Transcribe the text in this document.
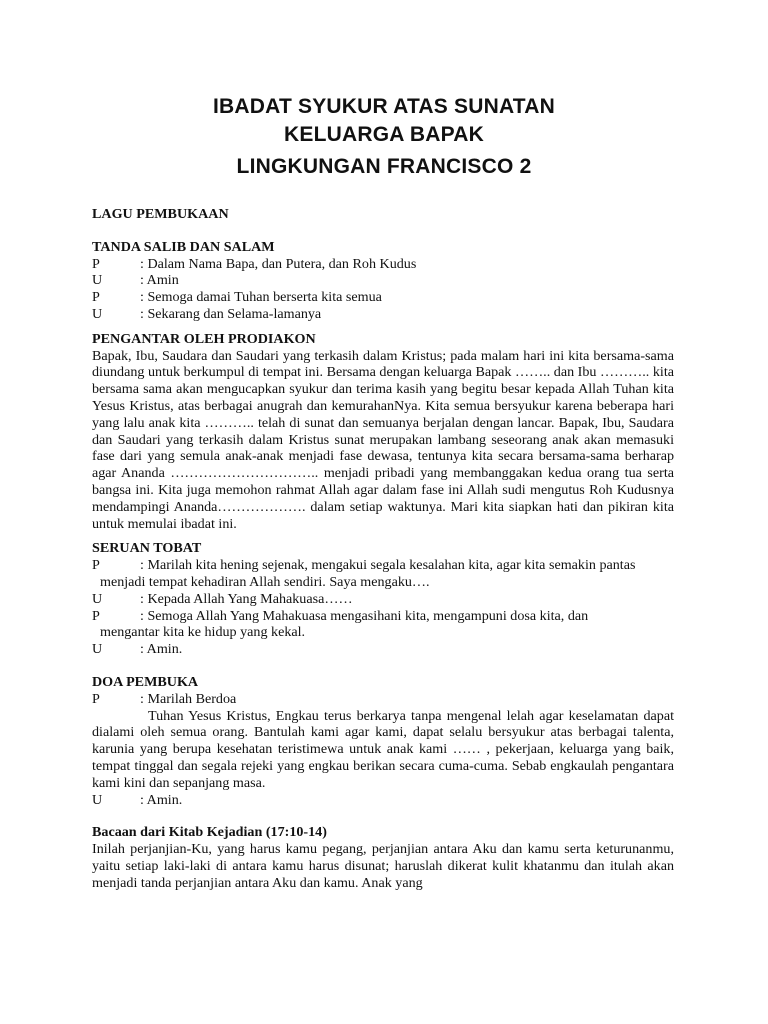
IBADAT SYUKUR ATAS SUNATAN
KELUARGA BAPAK
LINGKUNGAN FRANCISCO 2

LAGU PEMBUKAAN

TANDA SALIB DAN SALAM

P	: Dalam Nama Bapa, dan Putera, dan Roh Kudus
U	: Amin
P	: Semoga damai Tuhan berserta kita semua
U	: Sekarang dan Selama-lamanya

PENGANTAR OLEH PRODIAKON

Bapak, Ibu, Saudara dan Saudari yang terkasih dalam Kristus; pada malam hari ini kita bersama-sama diundang untuk berkumpul di tempat ini. Bersama dengan keluarga Bapak …….. dan Ibu ……….. kita bersama sama akan mengucapkan syukur dan terima kasih yang begitu besar kepada Allah Tuhan kita Yesus Kristus, atas berbagai anugrah dan kemurahanNya. Kita semua bersyukur karena beberapa hari yang lalu anak kita ……….. telah di sunat dan semuanya berjalan dengan lancar. Bapak, Ibu, Saudara dan Saudari yang terkasih dalam Kristus sunat merupakan lambang seseorang anak akan memasuki fase dari yang semula anak-anak menjadi fase dewasa, tentunya kita secara bersama-sama berharap agar Ananda ………………………….. menjadi pribadi yang membanggakan kedua orang tua serta bangsa ini. Kita juga memohon rahmat Allah agar dalam fase ini Allah sudi mengutus Roh Kudusnya mendampingi Ananda………………. dalam setiap waktunya. Mari kita siapkan hati dan pikiran kita untuk memulai ibadat ini.

SERUAN TOBAT

P	: Marilah kita hening sejenak, mengakui segala kesalahan kita, agar kita semakin pantas

menjadi tempat kehadiran Allah sendiri. Saya mengaku….

U	: Kepada Allah Yang Mahakuasa……
P	: Semoga Allah Yang Mahakuasa mengasihani kita, mengampuni dosa kita, dan

mengantar kita ke hidup yang kekal.

U	: Amin.

DOA PEMBUKA

P	: Marilah Berdoa

Tuhan Yesus Kristus, Engkau terus berkarya tanpa mengenal lelah agar keselamatan dapat dialami oleh semua orang. Bantulah kami agar kami, dapat selalu bersyukur atas berbagai talenta, karunia yang berupa kesehatan teristimewa untuk anak kami …… , pekerjaan, keluarga yang baik, tempat tinggal dan segala rejeki yang engkau berikan secara cuma-cuma. Sebab engkaulah pengantara kami kini dan sepanjang masa.

U	: Amin.

Bacaan dari Kitab Kejadian (17:10-14)

Inilah perjanjian-Ku, yang harus kamu pegang, perjanjian antara Aku dan kamu serta keturunanmu, yaitu setiap laki-laki di antara kamu harus disunat; haruslah dikerat kulit khatanmu dan itulah akan menjadi tanda perjanjian antara Aku dan kamu. Anak yang
